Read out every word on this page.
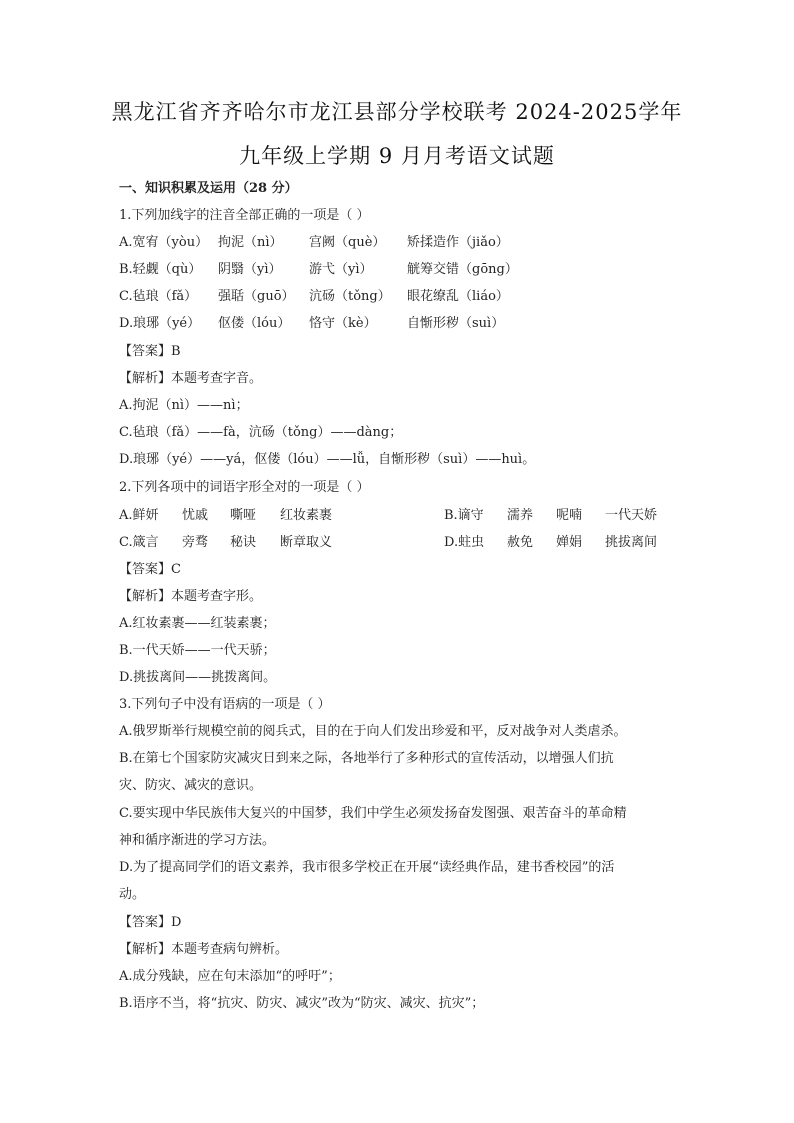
黑龙江省齐齐哈尔市龙江县部分学校联考 2024-2025学年
九年级上学期 9 月月考语文试题
一、知识积累及运用（28 分）
1.下列加线字的注音全部正确的一项是（ ）
A.宽宥（yòu） 拘泥（nì） 宫阙（què） 矫揉造作（jiǎo）
B.轻觑（qù） 阴翳（yì） 游弋（yì）	觥筹交错（gōng）
C.毡琅（fǎ） 强聒（guō） 沆砀（tǒng） 眼花缭乱（liáo）
D.琅琊（yé） 伛偻（lóu） 恪守（kè） 自惭形秽（suì）
【答案】B
【解析】本题考查字音。
A.拘泥（nì）——nì；
C.毡琅（fǎ）——fà，沆砀（tǒng）——dàng；
D.琅琊（yé）——yá，伛偻（lóu）——lǚ，自惭形秽（suì）——huì。
2.下列各项中的词语字形全对的一项是（ ）
A.鲜妍 忧戚 嘶哑 红妆素裹	B.谪守 濡养 呢喃 一代天娇
C.箴言 旁骛 秘诀 断章取义	D.蛀虫 赦免 婵娟 挑拔离间
【答案】C
【解析】本题考查字形。
A.红妆素裹——红装素裹；
B.一代天娇——一代天骄；
D.挑拔离间——挑拨离间。
3.下列句子中没有语病的一项是（ ）
A.俄罗斯举行规模空前的阅兵式，目的在于向人们发出珍爱和平，反对战争对人类虐杀。
B.在第七个国家防灾减灾日到来之际，各地举行了多种形式的宣传活动，以增强人们抗
灾、防灾、减灾的意识。
C.要实现中华民族伟大复兴的中国梦，我们中学生必须发扬奋发图强、艰苦奋斗的革命精
神和循序渐进的学习方法。
D.为了提高同学们的语文素养，我市很多学校正在开展“读经典作品，建书香校园”的活
动。
【答案】D
【解析】本题考查病句辨析。
A.成分残缺，应在句末添加“的呼吁”；
B.语序不当，将“抗灾、防灾、减灾”改为“防灾、减灾、抗灾”；
